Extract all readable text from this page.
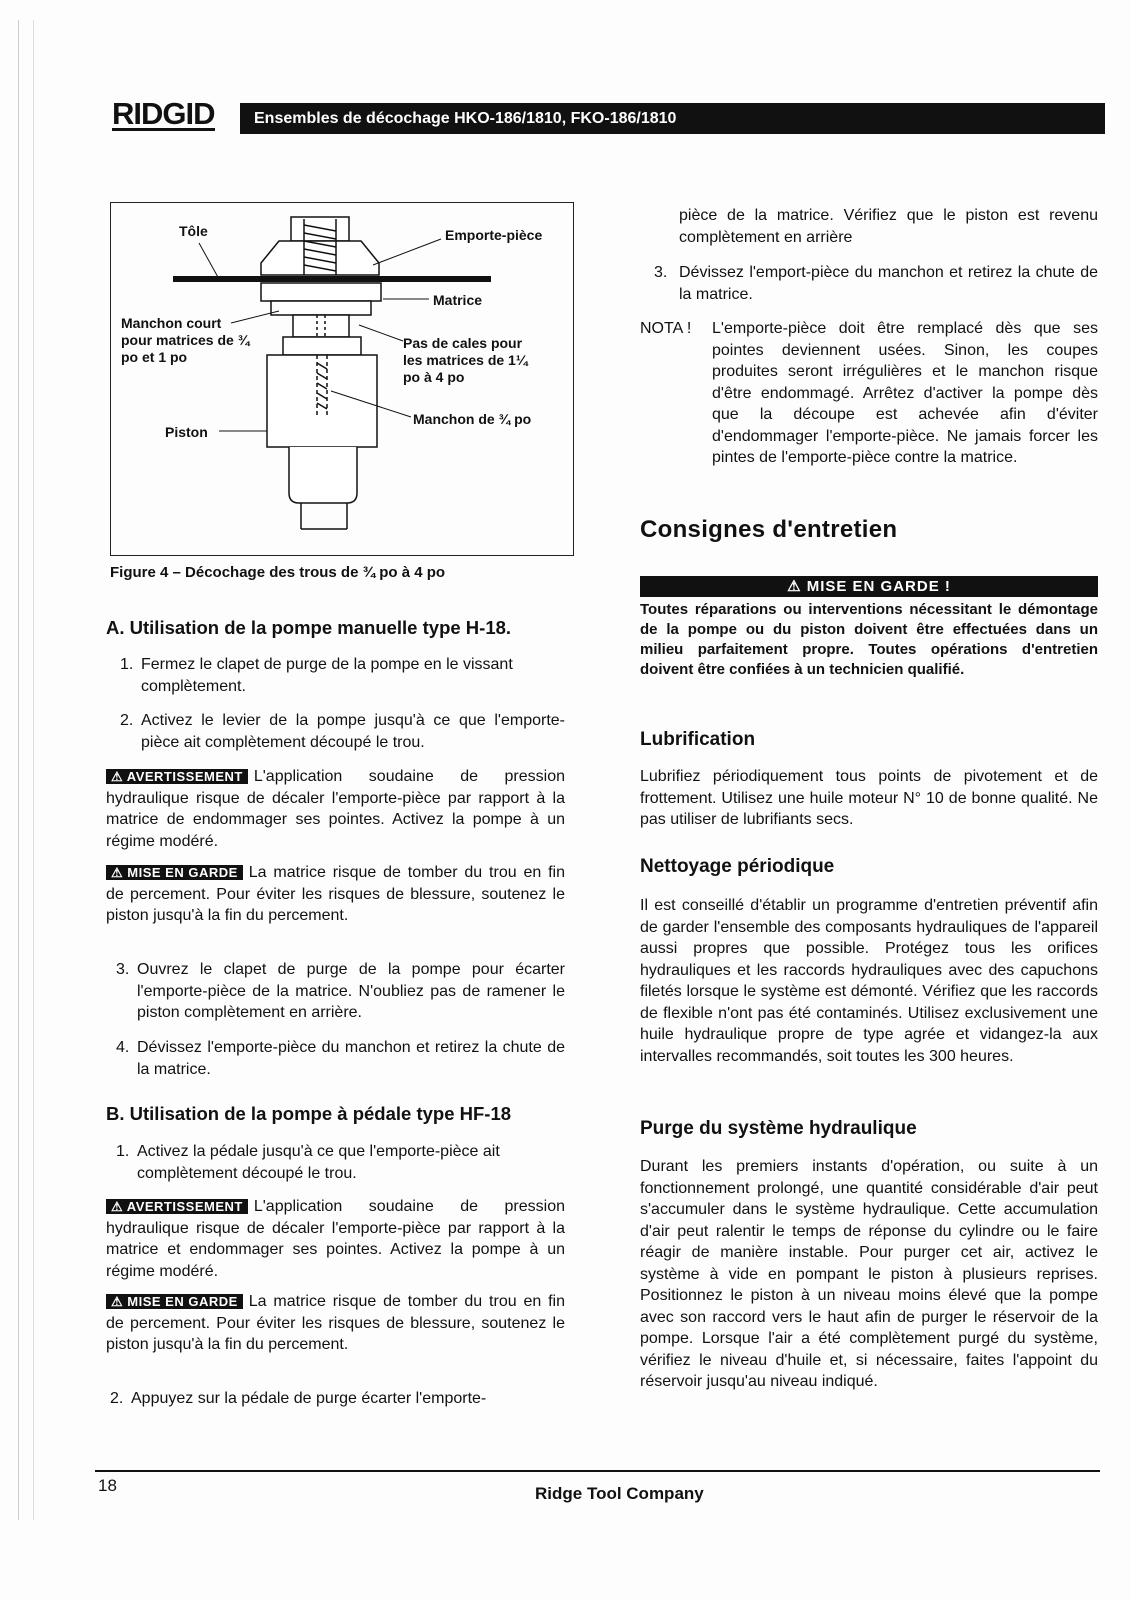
RIDGID	Ensembles de décochage HKO-186/1810, FKO-186/1810
Tôle	Emporte-pièce
Matrice
Manchon court pour matrices de ¾ po et 1 po
Pas de cales pour les matrices de 1¼ po à 4 po
Manchon de ¾ po
Piston
Figure 4 – Décochage des trous de ¾ po à 4 po
A. Utilisation de la pompe manuelle type H-18.
1. Fermez le clapet de purge de la pompe en le vissant complètement.
2. Activez le levier de la pompe jusqu'à ce que l'emporte-pièce ait complètement découpé le trou.
⚠ AVERTISSEMENT L'application soudaine de pression hydraulique risque de décaler l'emporte-pièce par rapport à la matrice de endommager ses pointes. Activez la pompe à un régime modéré.
⚠ MISE EN GARDE La matrice risque de tomber du trou en fin de percement. Pour éviter les risques de blessure, soutenez le piston jusqu'à la fin du percement.
3. Ouvrez le clapet de purge de la pompe pour écarter l'emporte-pièce de la matrice. N'oubliez pas de ramener le piston complètement en arrière.
4. Dévissez l'emporte-pièce du manchon et retirez la chute de la matrice.
B. Utilisation de la pompe à pédale type HF-18
1. Activez la pédale jusqu'à ce que l'emporte-pièce ait complètement découpé le trou.
⚠ AVERTISSEMENT L'application soudaine de pression hydraulique risque de décaler l'emporte-pièce par rapport à la matrice et endommager ses pointes. Activez la pompe à un régime modéré.
⚠ MISE EN GARDE La matrice risque de tomber du trou en fin de percement. Pour éviter les risques de blessure, soutenez le piston jusqu'à la fin du percement.
2. Appuyez sur la pédale de purge écarter l'emporte-
pièce de la matrice. Vérifiez que le piston est revenu complètement en arrière
3. Dévissez l'emport-pièce du manchon et retirez la chute de la matrice.
NOTA ! L'emporte-pièce doit être remplacé dès que ses pointes deviennent usées. Sinon, les coupes produites seront irrégulières et le manchon risque d'être endommagé. Arrêtez d'activer la pompe dès que la découpe est achevée afin d'éviter d'endommager l'emporte-pièce. Ne jamais forcer les pintes de l'emporte-pièce contre la matrice.
Consignes d'entretien
⚠ MISE EN GARDE !
Toutes réparations ou interventions nécessitant le démontage de la pompe ou du piston doivent être effectuées dans un milieu parfaitement propre. Toutes opérations d'entretien doivent être confiées à un technicien qualifié.
Lubrification
Lubrifiez périodiquement tous points de pivotement et de frottement. Utilisez une huile moteur N° 10 de bonne qualité. Ne pas utiliser de lubrifiants secs.
Nettoyage périodique
Il est conseillé d'établir un programme d'entretien préventif afin de garder l'ensemble des composants hydrauliques de l'appareil aussi propres que possible. Protégez tous les orifices hydrauliques et les raccords hydrauliques avec des capuchons filetés lorsque le système est démonté. Vérifiez que les raccords de flexible n'ont pas été contaminés. Utilisez exclusivement une huile hydraulique propre de type agrée et vidangez-la aux intervalles recommandés, soit toutes les 300 heures.
Purge du système hydraulique
Durant les premiers instants d'opération, ou suite à un fonctionnement prolongé, une quantité considérable d'air peut s'accumuler dans le système hydraulique. Cette accumulation d'air peut ralentir le temps de réponse du cylindre ou le faire réagir de manière instable. Pour purger cet air, activez le système à vide en pompant le piston à plusieurs reprises. Positionnez le piston à un niveau moins élevé que la pompe avec son raccord vers le haut afin de purger le réservoir de la pompe. Lorsque l'air a été complètement purgé du système, vérifiez le niveau d'huile et, si nécessaire, faites l'appoint du réservoir jusqu'au niveau indiqué.
18	Ridge Tool Company
